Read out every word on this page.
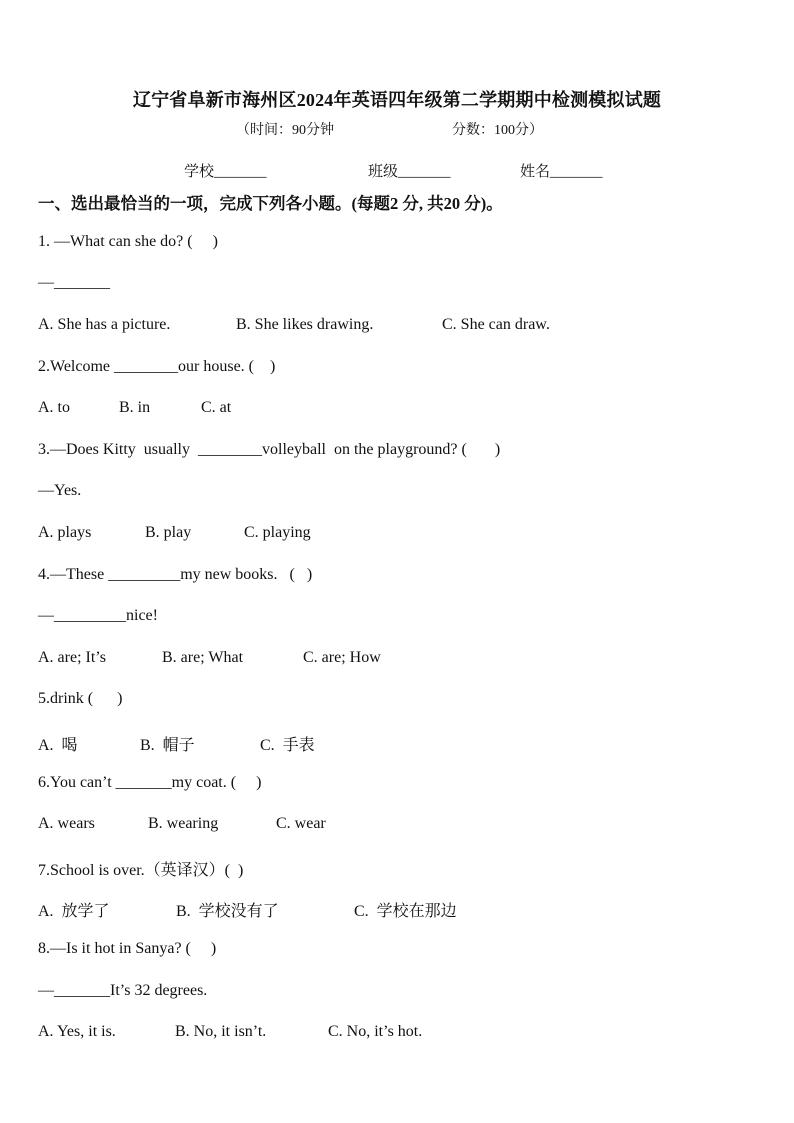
辽宁省阜新市海州区2024年英语四年级第二学期期中检测模拟试题
（时间：90分钟	分数：100分）
学校_______	班级_______	姓名_______
一、选出最恰当的一项，完成下列各小题。(每题2 分, 共20 分)。
1. —What can she do? (     )
—_______
A. She has a picture.	B. She likes drawing.	C. She can draw.
2.Welcome ________our house. (    )
A. to	B. in	C. at
3.—Does Kitty  usually  ________volleyball  on the playground? (       )
—Yes.
A. plays	B. play	C. playing
4.—These _________my new books.   (   )
—_________nice!
A. are; It’s	B. are; What	C. are; How
5.drink (      )
A.  喝	B.  帽子	C.  手表
6.You can’t _______my coat. (     )
A. wears	B. wearing	C. wear
7.School is over.（英译汉）(  )
A.  放学了	B.  学校没有了	C.  学校在那边
8.—Is it hot in Sanya? (     )
—_______It’s 32 degrees.
A. Yes, it is.	B. No, it isn’t.	C. No, it’s hot.
